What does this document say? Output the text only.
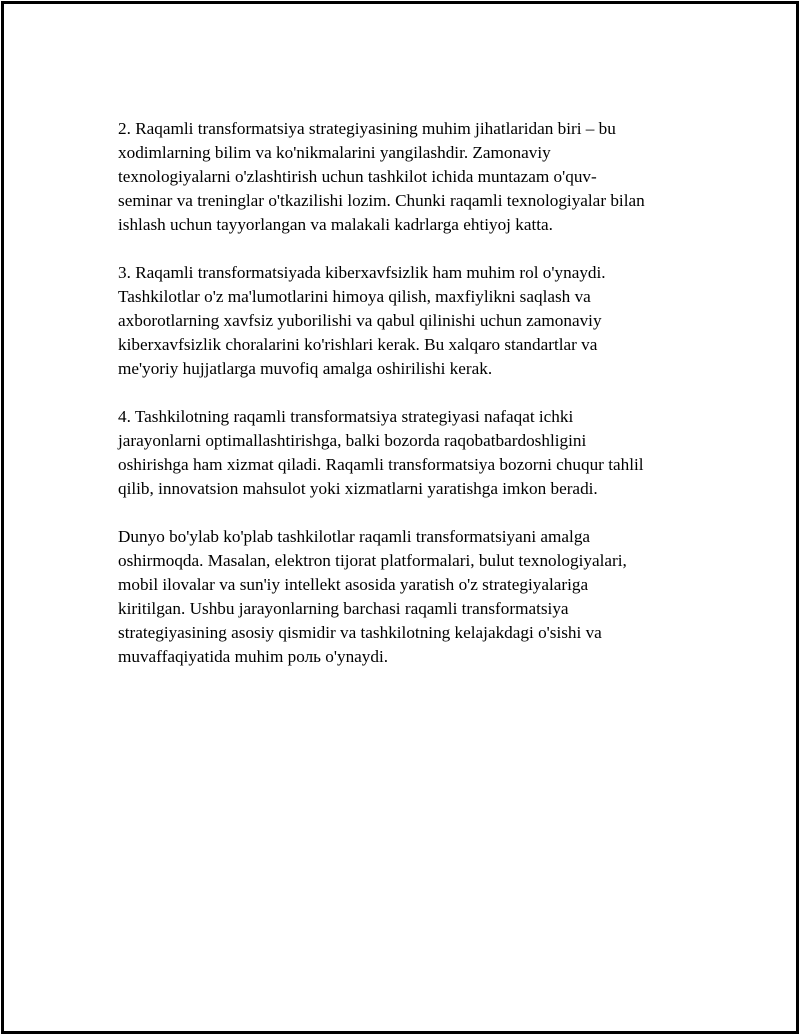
2. Raqamli transformatsiya strategiyasining muhim jihatlaridan biri – bu
xodimlarning bilim va ko'nikmalarini yangilashdir. Zamonaviy
texnologiyalarni o'zlashtirish uchun tashkilot ichida muntazam o'quv-
seminar va treninglar o'tkazilishi lozim. Chunki raqamli texnologiyalar bilan
ishlash uchun tayyorlangan va malakali kadrlarga ehtiyoj katta.

3. Raqamli transformatsiyada kiberxavfsizlik ham muhim rol o'ynaydi.
Tashkilotlar o'z ma'lumotlarini himoya qilish, maxfiylikni saqlash va
axborotlarning xavfsiz yuborilishi va qabul qilinishi uchun zamonaviy
kiberxavfsizlik choralarini ko'rishlari kerak. Bu xalqaro standartlar va
me'yoriy hujjatlarga muvofiq amalga oshirilishi kerak.

4. Tashkilotning raqamli transformatsiya strategiyasi nafaqat ichki
jarayonlarni optimallashtirishga, balki bozorda raqobatbardoshligini
oshirishga ham xizmat qiladi. Raqamli transformatsiya bozorni chuqur tahlil
qilib, innovatsion mahsulot yoki xizmatlarni yaratishga imkon beradi.

Dunyo bo'ylab ko'plab tashkilotlar raqamli transformatsiyani amalga
oshirmoqda. Masalan, elektron tijorat platformalari, bulut texnologiyalari,
mobil ilovalar va sun'iy intellekt asosida yaratish o'z strategiyalariga
kiritilgan. Ushbu jarayonlarning barchasi raqamli transformatsiya
strategiyasining asosiy qismidir va tashkilotning kelajakdagi o'sishi va
muvaffaqiyatida muhim роль o'ynaydi.
